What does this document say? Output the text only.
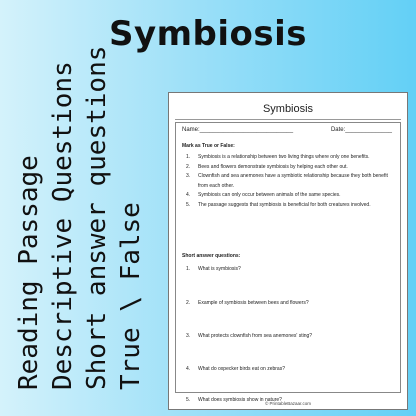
Symbiosis
Reading Passage Descriptive Questions Short answer questions True \ False
Symbiosis
Name:____________________________	Date:______________
Mark as True or False:
1. Symbiosis is a relationship between two living things where only one benefits.
2. Bees and flowers demonstrate symbiosis by helping each other out.
3. Clownfish and sea anemones have a symbiotic relationship because they both benefit from each other.
4. Symbiosis can only occur between animals of the same species.
5. The passage suggests that symbiosis is beneficial for both creatures involved.
Short answer questions:
1. What is symbiosis?
2. Example of symbiosis between bees and flowers?
3. What protects clownfish from sea anemones' sting?
4. What do oxpecker birds eat on zebras?
5. What does symbiosis show in nature?
© PrintableBazaar.com
